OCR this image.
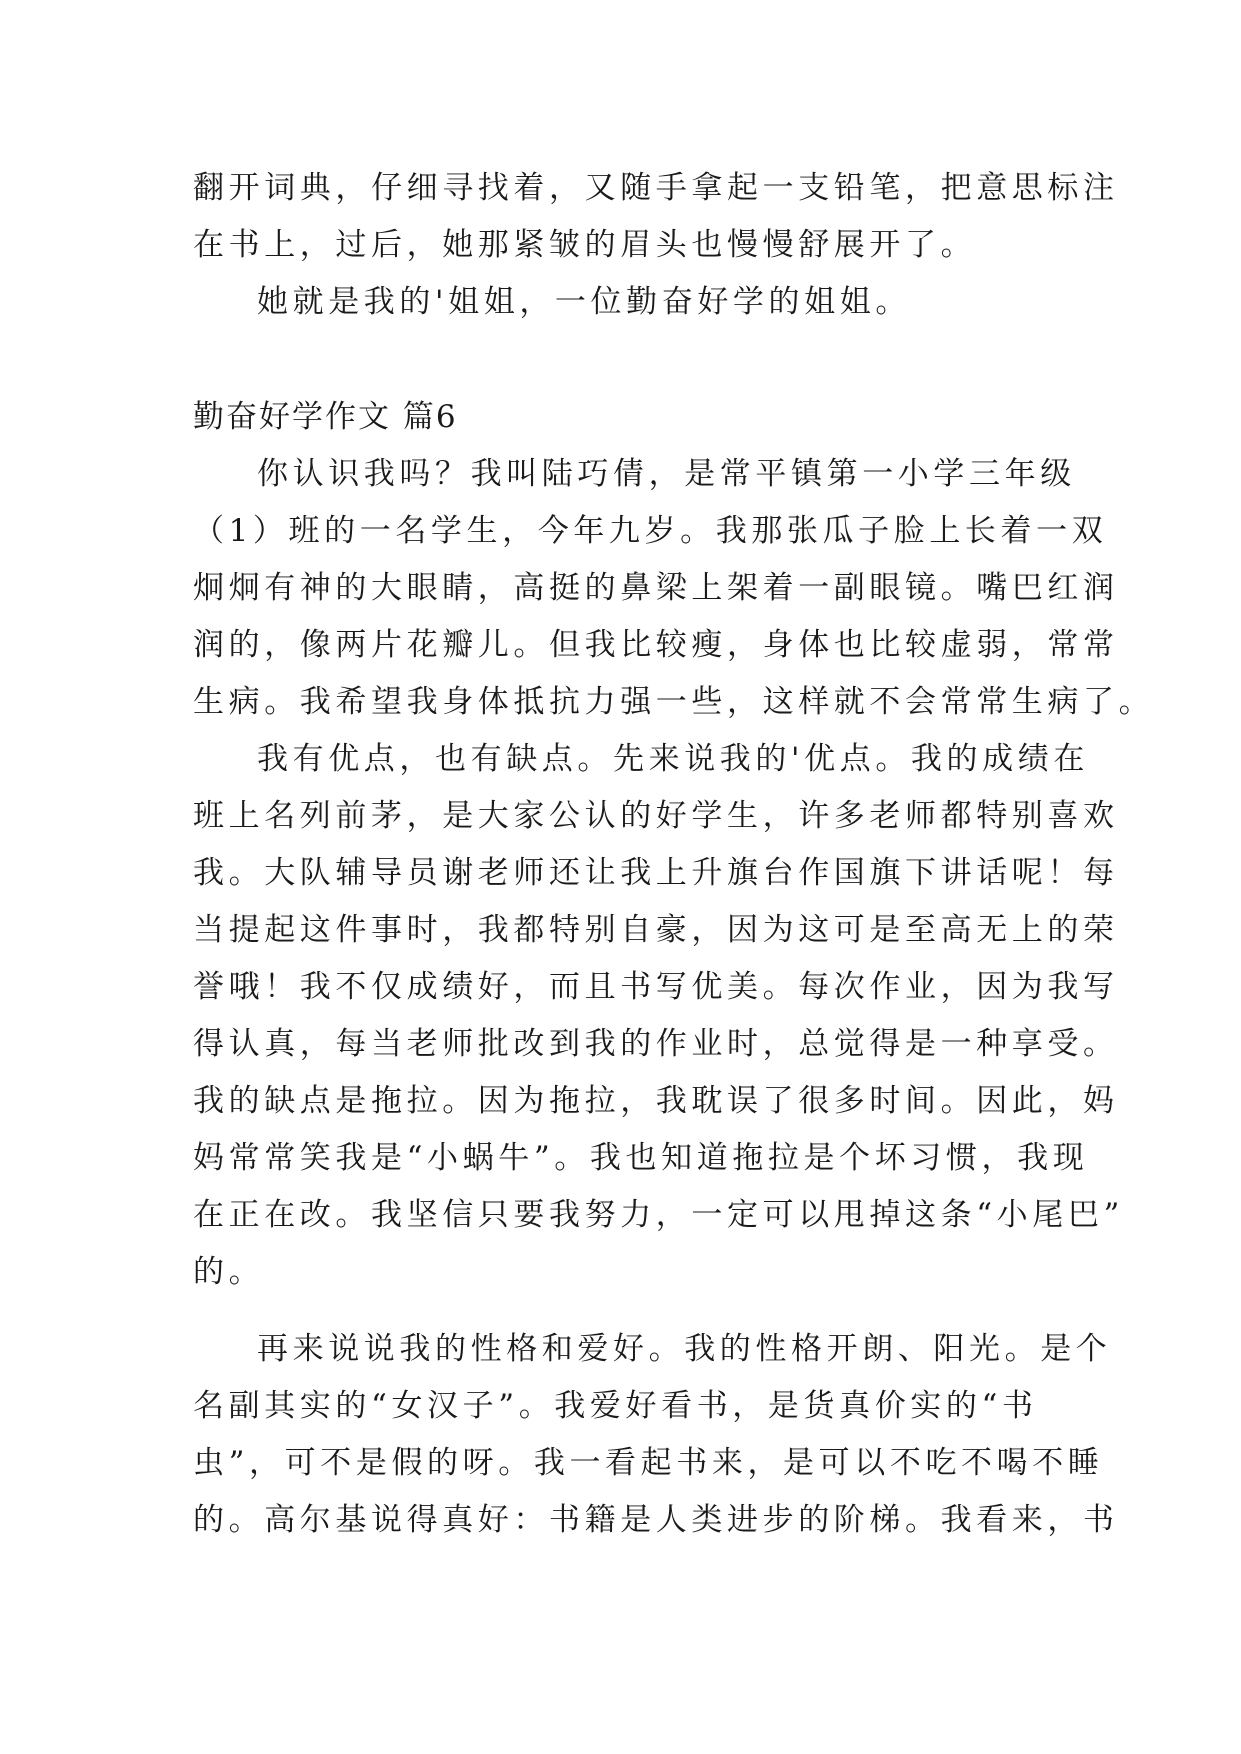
翻开词典，仔细寻找着，又随手拿起一支铅笔，把意思标注
在书上，过后，她那紧皱的眉头也慢慢舒展开了。
她就是我的'姐姐，一位勤奋好学的姐姐。
勤奋好学作文 篇6
你认识我吗？我叫陆巧倩，是常平镇第一小学三年级
（1）班的一名学生，今年九岁。我那张瓜子脸上长着一双
炯炯有神的大眼睛，高挺的鼻梁上架着一副眼镜。嘴巴红润
润的，像两片花瓣儿。但我比较瘦，身体也比较虚弱，常常
生病。我希望我身体抵抗力强一些，这样就不会常常生病了。
我有优点，也有缺点。先来说我的'优点。我的成绩在
班上名列前茅，是大家公认的好学生，许多老师都特别喜欢
我。大队辅导员谢老师还让我上升旗台作国旗下讲话呢！每
当提起这件事时，我都特别自豪，因为这可是至高无上的荣
誉哦！我不仅成绩好，而且书写优美。每次作业，因为我写
得认真，每当老师批改到我的作业时，总觉得是一种享受。
我的缺点是拖拉。因为拖拉，我耽误了很多时间。因此，妈
妈常常笑我是“小蜗牛”。我也知道拖拉是个坏习惯，我现
在正在改。我坚信只要我努力，一定可以甩掉这条“小尾巴”
的。
再来说说我的性格和爱好。我的性格开朗、阳光。是个
名副其实的“女汉子”。我爱好看书，是货真价实的“书
虫”，可不是假的呀。我一看起书来，是可以不吃不喝不睡
的。高尔基说得真好：书籍是人类进步的阶梯。我看来，书
